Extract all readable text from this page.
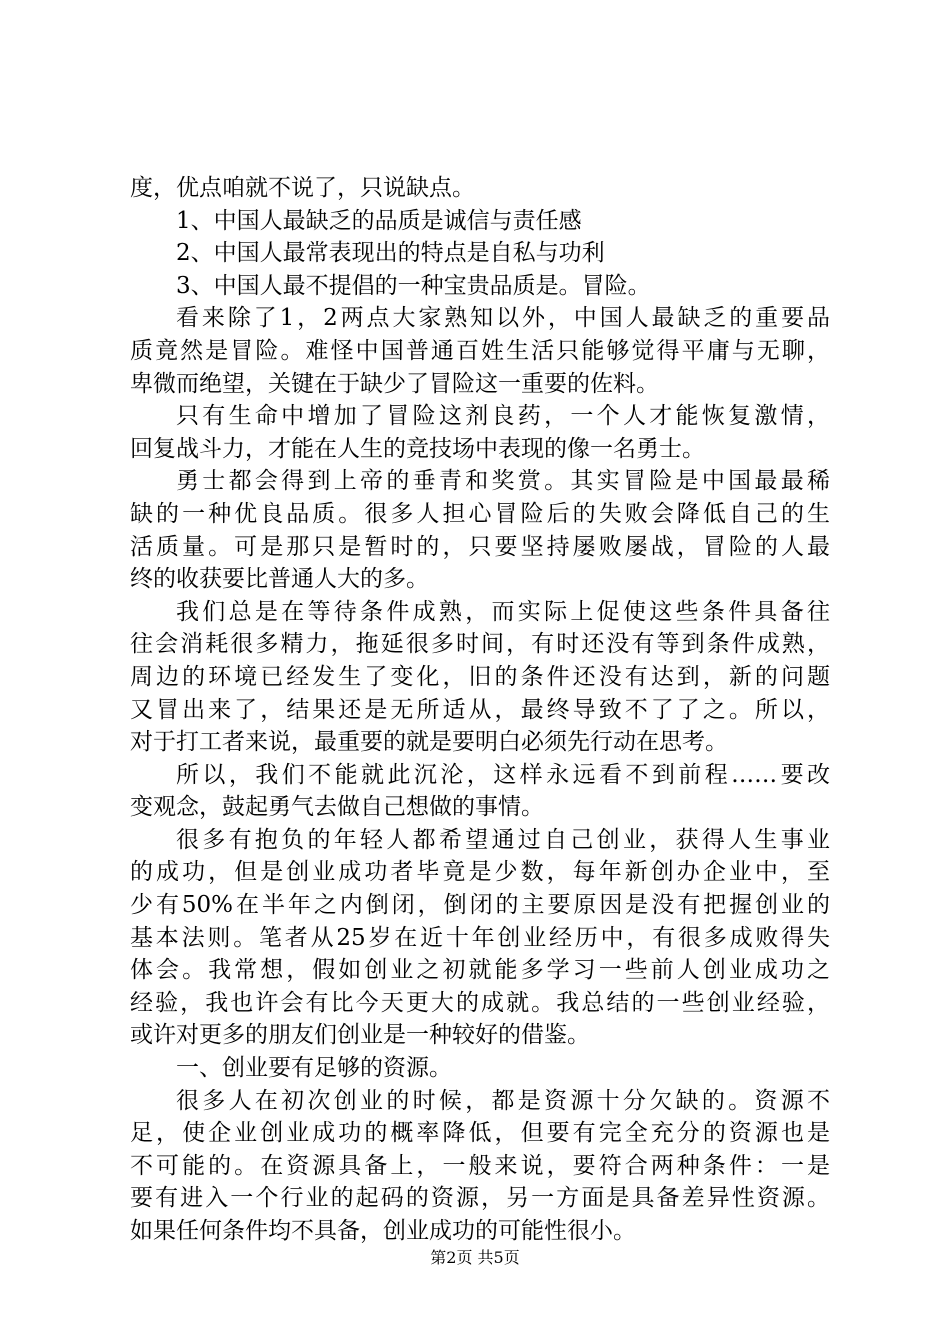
度，优点咱就不说了，只说缺点。
1、中国人最缺乏的品质是诚信与责任感
2、中国人最常表现出的特点是自私与功利
3、中国人最不提倡的一种宝贵品质是。冒险。
看来除了1，2两点大家熟知以外，中国人最缺乏的重要品
质竟然是冒险。难怪中国普通百姓生活只能够觉得平庸与无聊，
卑微而绝望，关键在于缺少了冒险这一重要的佐料。
只有生命中增加了冒险这剂良药，一个人才能恢复激情，
回复战斗力，才能在人生的竞技场中表现的像一名勇士。
勇士都会得到上帝的垂青和奖赏。其实冒险是中国最最稀
缺的一种优良品质。很多人担心冒险后的失败会降低自己的生
活质量。可是那只是暂时的，只要坚持屡败屡战，冒险的人最
终的收获要比普通人大的多。
我们总是在等待条件成熟，而实际上促使这些条件具备往
往会消耗很多精力，拖延很多时间，有时还没有等到条件成熟，
周边的环境已经发生了变化，旧的条件还没有达到，新的问题
又冒出来了，结果还是无所适从，最终导致不了了之。所以，
对于打工者来说，最重要的就是要明白必须先行动在思考。
所以，我们不能就此沉沦，这样永远看不到前程……要改
变观念，鼓起勇气去做自己想做的事情。
很多有抱负的年轻人都希望通过自己创业，获得人生事业
的成功，但是创业成功者毕竟是少数，每年新创办企业中，至
少有50%在半年之内倒闭，倒闭的主要原因是没有把握创业的
基本法则。笔者从25岁在近十年创业经历中，有很多成败得失
体会。我常想，假如创业之初就能多学习一些前人创业成功之
经验，我也许会有比今天更大的成就。我总结的一些创业经验，
或许对更多的朋友们创业是一种较好的借鉴。
一、创业要有足够的资源。
很多人在初次创业的时候，都是资源十分欠缺的。资源不
足，使企业创业成功的概率降低，但要有完全充分的资源也是
不可能的。在资源具备上，一般来说，要符合两种条件：一是
要有进入一个行业的起码的资源，另一方面是具备差异性资源。
如果任何条件均不具备，创业成功的可能性很小。
第2页 共5页
